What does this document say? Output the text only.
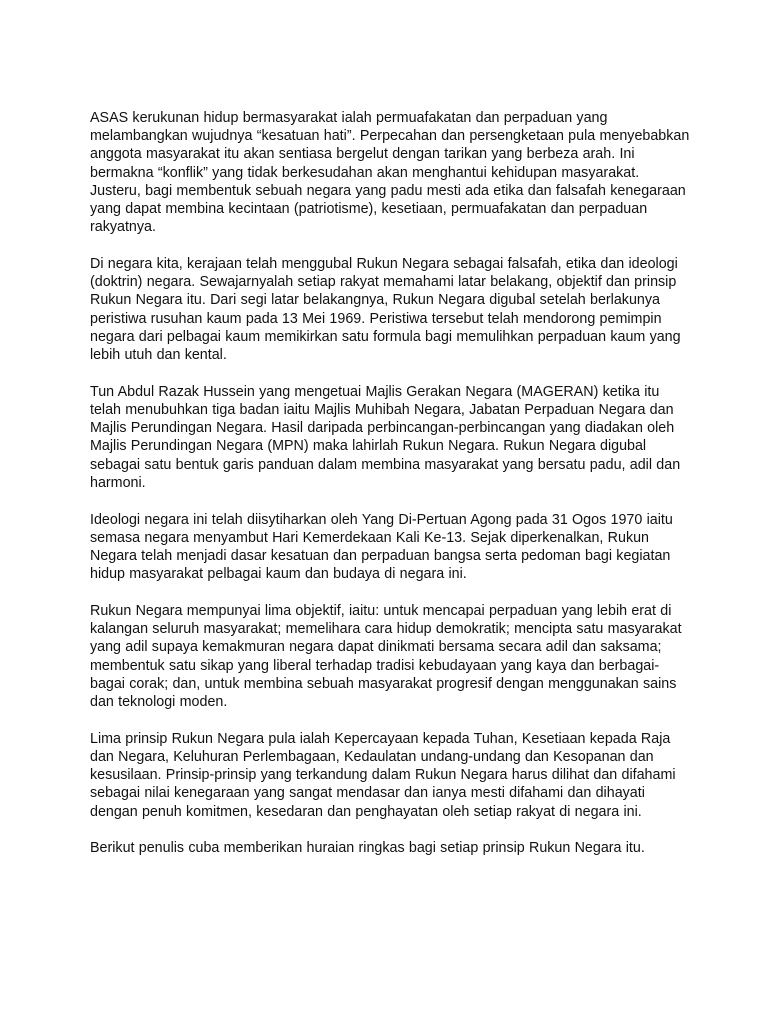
ASAS kerukunan hidup bermasyarakat ialah permuafakatan dan perpaduan yang melambangkan wujudnya “kesatuan hati”. Perpecahan dan persengketaan pula menyebabkan anggota masyarakat itu akan sentiasa bergelut dengan tarikan yang berbeza arah. Ini bermakna “konflik” yang tidak berkesudahan akan menghantui kehidupan masyarakat. Justeru, bagi membentuk sebuah negara yang padu mesti ada etika dan falsafah kenegaraan yang dapat membina kecintaan (patriotisme), kesetiaan, permuafakatan dan perpaduan rakyatnya.

Di negara kita, kerajaan telah menggubal Rukun Negara sebagai falsafah, etika dan ideologi (doktrin) negara. Sewajarnyalah setiap rakyat memahami latar belakang, objektif dan prinsip Rukun Negara itu. Dari segi latar belakangnya, Rukun Negara digubal setelah berlakunya peristiwa rusuhan kaum pada 13 Mei 1969. Peristiwa tersebut telah mendorong pemimpin negara dari pelbagai kaum memikirkan satu formula bagi memulihkan perpaduan kaum yang lebih utuh dan kental.

Tun Abdul Razak Hussein yang mengetuai Majlis Gerakan Negara (MAGERAN) ketika itu telah menubuhkan tiga badan iaitu Majlis Muhibah Negara, Jabatan Perpaduan Negara dan Majlis Perundingan Negara. Hasil daripada perbincangan-perbincangan yang diadakan oleh Majlis Perundingan Negara (MPN) maka lahirlah Rukun Negara. Rukun Negara digubal sebagai satu bentuk garis panduan dalam membina masyarakat yang bersatu padu, adil dan harmoni.

Ideologi negara ini telah diisytiharkan oleh Yang Di-Pertuan Agong pada 31 Ogos 1970 iaitu semasa negara menyambut Hari Kemerdekaan Kali Ke-13. Sejak diperkenalkan, Rukun Negara telah menjadi dasar kesatuan dan perpaduan bangsa serta pedoman bagi kegiatan hidup masyarakat pelbagai kaum dan budaya di negara ini.

Rukun Negara mempunyai lima objektif, iaitu: untuk mencapai perpaduan yang lebih erat di kalangan seluruh masyarakat; memelihara cara hidup demokratik; mencipta satu masyarakat yang adil supaya kemakmuran negara dapat dinikmati bersama secara adil dan saksama; membentuk satu sikap yang liberal terhadap tradisi kebudayaan yang kaya dan berbagai-bagai corak; dan, untuk membina sebuah masyarakat progresif dengan menggunakan sains dan teknologi moden.

Lima prinsip Rukun Negara pula ialah Kepercayaan kepada Tuhan, Kesetiaan kepada Raja dan Negara, Keluhuran Perlembagaan, Kedaulatan undang-undang dan Kesopanan dan kesusilaan. Prinsip-prinsip yang terkandung dalam Rukun Negara harus dilihat dan difahami sebagai nilai kenegaraan yang sangat mendasar dan ianya mesti difahami dan dihayati dengan penuh komitmen, kesedaran dan penghayatan oleh setiap rakyat di negara ini.

Berikut penulis cuba memberikan huraian ringkas bagi setiap prinsip Rukun Negara itu.
